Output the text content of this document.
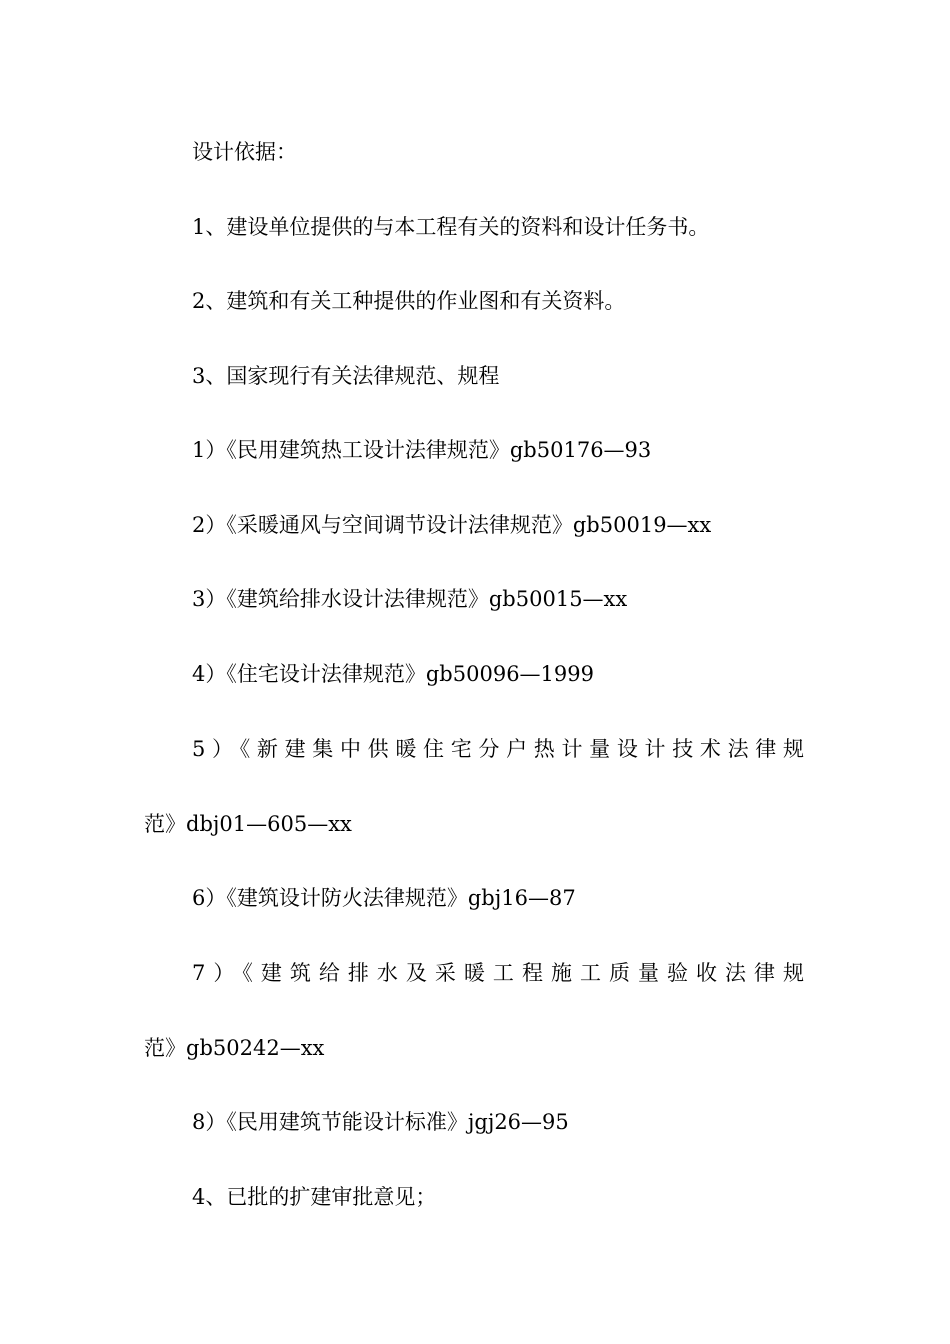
设计依据：
1、建设单位提供的与本工程有关的资料和设计任务书。
2、建筑和有关工种提供的作业图和有关资料。
3、国家现行有关法律规范、规程
1）《民用建筑热工设计法律规范》gb50176—93
2）《采暖通风与空间调节设计法律规范》gb50019—xx
3）《建筑给排水设计法律规范》gb50015—xx
4）《住宅设计法律规范》gb50096—1999
5）《新建集中供暖住宅分户热计量设计技术法律规
范》dbj01—605—xx
6）《建筑设计防火法律规范》gbj16—87
7）《建筑给排水及采暖工程施工质量验收法律规
范》gb50242—xx
8）《民用建筑节能设计标准》jgj26—95
4、已批的扩建审批意见；
